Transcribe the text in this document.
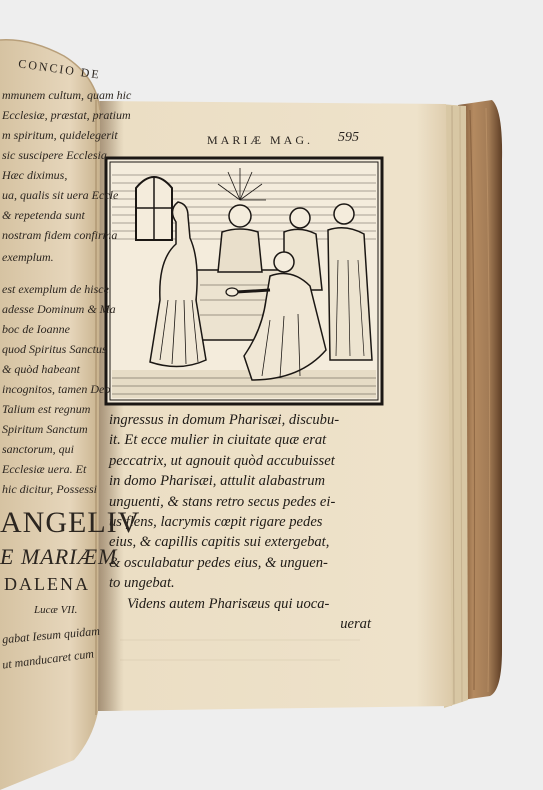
MARIÆ MAG.	595
ingressus in domum Pharisæi, discubu-
it. Et ecce mulier in ciuitate quæ erat
peccatrix, ut agnouit quòd accubuisset
in domo Pharisæi, attulit alabastrum
unguenti, & stans retro secus pedes ei-
us flens, lacrymis cœpit rigare pedes
eius, & capillis capitis sui extergebat,
& osculabatur pedes eius, & unguen-
to ungebat.
Videns autem Pharisæus qui uoca-
uerat
CONCIO DE
mmunem cultum, quam hic
Ecclesiæ, præstat, pratium
m spiritum, quidelegerit
sic suscipere Ecclesia
Hæc diximus,
ua, qualis sit uera Eccle
& repetenda sunt
nostram fidem confirma
exemplum.
est exemplum de hisce
adesse Dominum & Ma
boc de Ioanne
quod Spiritus Sanctus
& quòd habeant
incognitos, tamen Deo
Talium est regnum
Spiritum Sanctum
sanctorum, qui
Ecclesiæ uera. Et
hic dicitur, Possessi
ANGELIV
E MARIÆM
DALENA
Lucæ VII.
gabat Iesum quidam
ut manducaret cum
